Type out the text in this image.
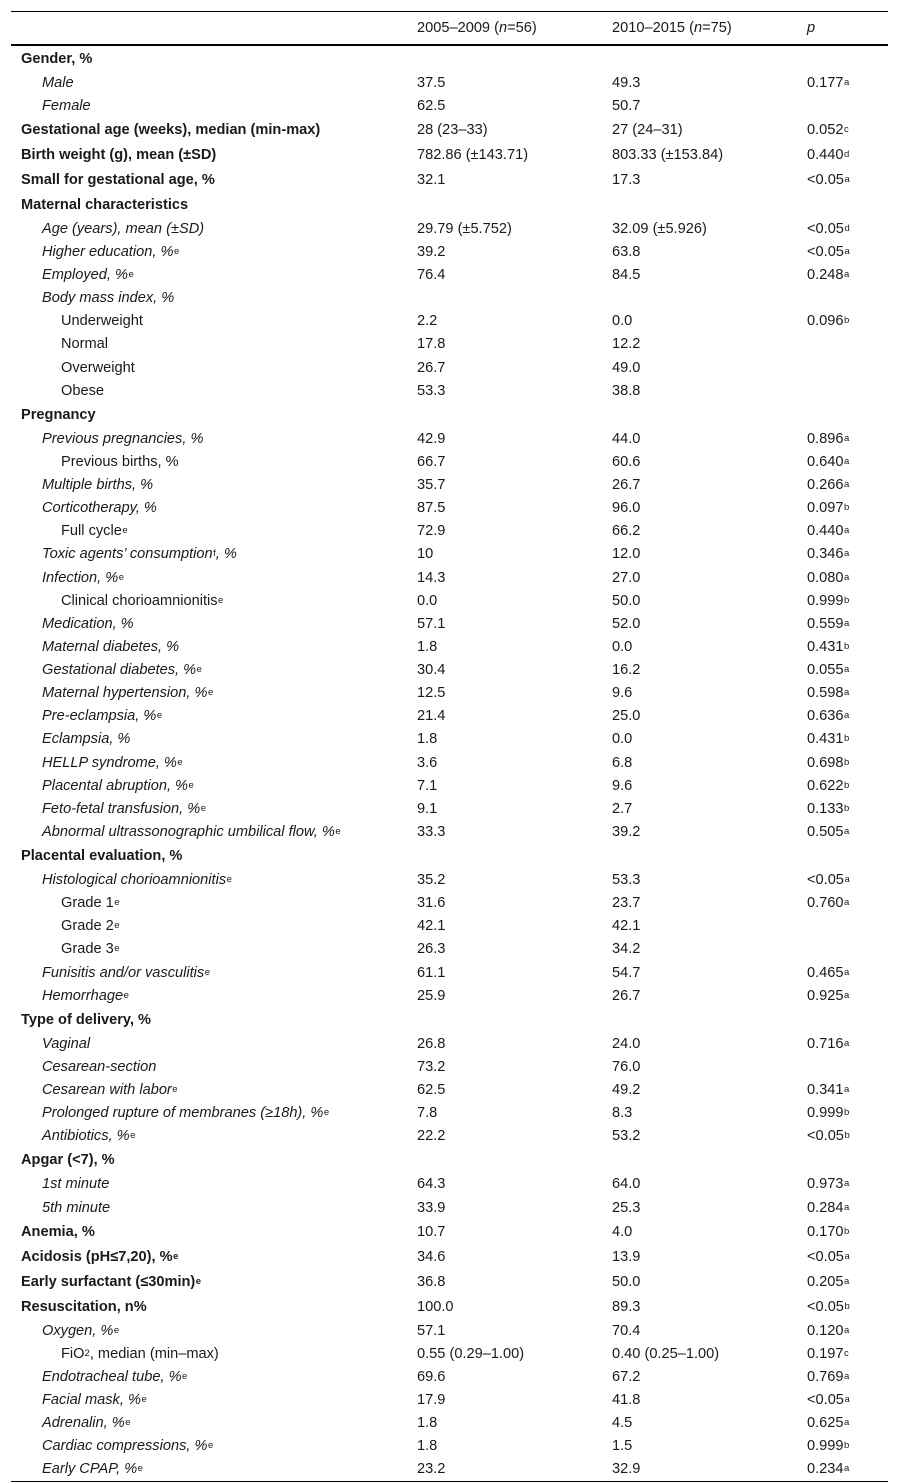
2005–2009 ( n =56)	2010–2015 ( n =75)	p
Gender, %
Male	37.5	49.3	0.177 a
Female	62.5	50.7
Gestational age (weeks), median (min-max)	28 (23–33)	27 (24–31)	0.052 c
Birth weight (g), mean (±SD)	782.86 (±143.71)	803.33 (±153.84)	0.440 d
Small for gestational age, %	32.1	17.3	<0.05 a
Maternal characteristics
Age (years), mean (±SD)	29.79 (±5.752)	32.09 (±5.926)	<0.05 d
Higher education, % e	39.2	63.8	<0.05 a
Employed, % e	76.4	84.5	0.248 a
Body mass index, %
Underweight	2.2	0.0	0.096 b
Normal	17.8	12.2
Overweight	26.7	49.0
Obese	53.3	38.8
Pregnancy
Previous pregnancies, %	42.9	44.0	0.896 a
Previous births, %	66.7	60.6	0.640 a
Multiple births, %	35.7	26.7	0.266 a
Corticotherapy, %	87.5	96.0	0.097 b
Full cycle e	72.9	66.2	0.440 a
Toxic agents’ consumption f , %	10	12.0	0.346 a
Infection, % e	14.3	27.0	0.080 a
Clinical chorioamnionitis e	0.0	50.0	0.999 b
Medication, %	57.1	52.0	0.559 a
Maternal diabetes, %	1.8	0.0	0.431 b
Gestational diabetes, % e	30.4	16.2	0.055 a
Maternal hypertension, % e	12.5	9.6	0.598 a
Pre-eclampsia, % e	21.4	25.0	0.636 a
Eclampsia, %	1.8	0.0	0.431 b
HELLP syndrome, % e	3.6	6.8	0.698 b
Placental abruption, % e	7.1	9.6	0.622 b
Feto-fetal transfusion, % e	9.1	2.7	0.133 b
Abnormal ultrassonographic umbilical flow, % e	33.3	39.2	0.505 a
Placental evaluation, %
Histological chorioamnionitis e	35.2	53.3	<0.05 a
Grade 1 e	31.6	23.7	0.760 a
Grade 2 e	42.1	42.1
Grade 3 e	26.3	34.2
Funisitis and/or vasculitis e	61.1	54.7	0.465 a
Hemorrhage e	25.9	26.7	0.925 a
Type of delivery, %
Vaginal	26.8	24.0	0.716 a
Cesarean-section	73.2	76.0
Cesarean with labor e	62.5	49.2	0.341 a
Prolonged rupture of membranes (≥18h), % e	7.8	8.3	0.999 b
Antibiotics, % e	22.2	53.2	<0.05 b
Apgar (<7), %
1st minute	64.3	64.0	0.973 a
5th minute	33.9	25.3	0.284 a
Anemia, %	10.7	4.0	0.170 b
Acidosis (pH≤7,20), % e	34.6	13.9	<0.05 a
Early surfactant (≤30min) e	36.8	50.0	0.205 a
Resuscitation, n%	100.0	89.3	<0.05 b
Oxygen, % e	57.1	70.4	0.120 a
FiO 2 , median (min–max)	0.55 (0.29–1.00)	0.40 (0.25–1.00)	0.197 c
Endotracheal tube, % e	69.6	67.2	0.769 a
Facial mask, % e	17.9	41.8	<0.05 a
Adrenalin, % e	1.8	4.5	0.625 a
Cardiac compressions, % e	1.8	1.5	0.999 b
Early CPAP, % e	23.2	32.9	0.234 a
